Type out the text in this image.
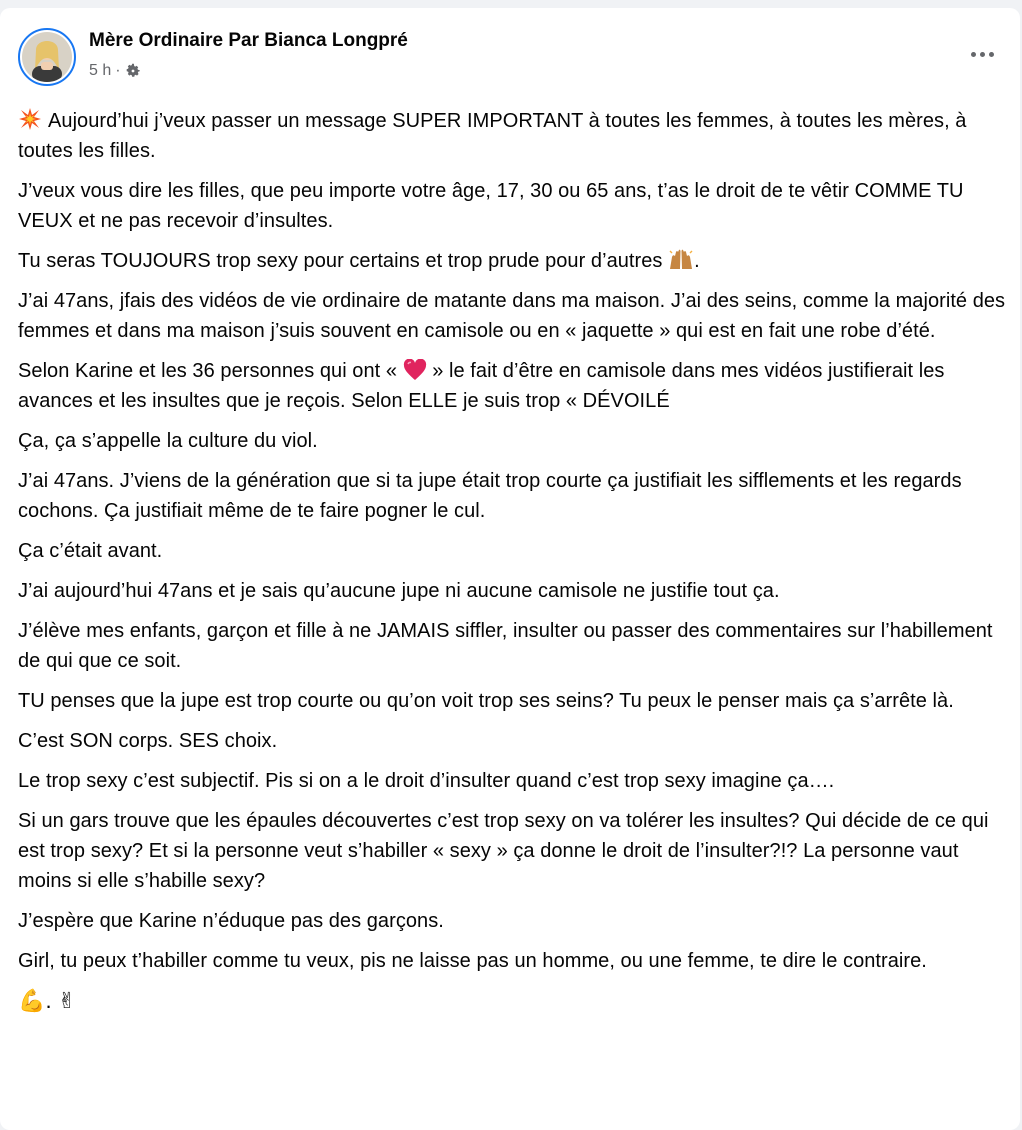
Mère Ordinaire Par Bianca Longpré
5 h ·

Aujourd’hui j’veux passer un message SUPER IMPORTANT à toutes les femmes, à toutes les mères, à toutes les filles.

J’veux vous dire les filles, que peu importe votre âge, 17, 30 ou 65 ans, t’as le droit de te vêtir COMME TU VEUX et ne pas recevoir d’insultes.

Tu seras TOUJOURS trop sexy pour certains et trop prude pour d’autres .

J’ai 47ans, jfais des vidéos de vie ordinaire de matante dans ma maison. J’ai des seins, comme la majorité des femmes et dans ma maison j’suis souvent en camisole ou en « jaquette » qui est en fait une robe d’été.

Selon Karine et les 36 personnes qui ont « » le fait d’être en camisole dans mes vidéos justifierait les avances et les insultes que je reçois. Selon ELLE je suis trop « DÉVOILÉ

Ça, ça s’appelle la culture du viol.

J’ai 47ans. J’viens de la génération que si ta jupe était trop courte ça justifiait les sifflements et les regards cochons. Ça justifiait même de te faire pogner le cul.

Ça c’était avant.

J’ai aujourd’hui 47ans et je sais qu’aucune jupe ni aucune camisole ne justifie tout ça.

J’élève mes enfants, garçon et fille à ne JAMAIS siffler, insulter ou passer des commentaires sur l’habillement de qui que ce soit.

TU penses que la jupe est trop courte ou qu’on voit trop ses seins? Tu peux le penser mais ça s’arrête là.

C’est SON corps. SES choix.

Le trop sexy c’est subjectif. Pis si on a le droit d’insulter quand c’est trop sexy imagine ça….

Si un gars trouve que les épaules découvertes c’est trop sexy on va tolérer les insultes? Qui décide de ce qui est trop sexy? Et si la personne veut s’habiller « sexy » ça donne le droit de l’insulter?!? La personne vaut moins si elle s’habille sexy?

J’espère que Karine n’éduque pas des garçons.

Girl, tu peux t’habiller comme tu veux, pis ne laisse pas un homme, ou une femme, te dire le contraire.

💪. ✌
